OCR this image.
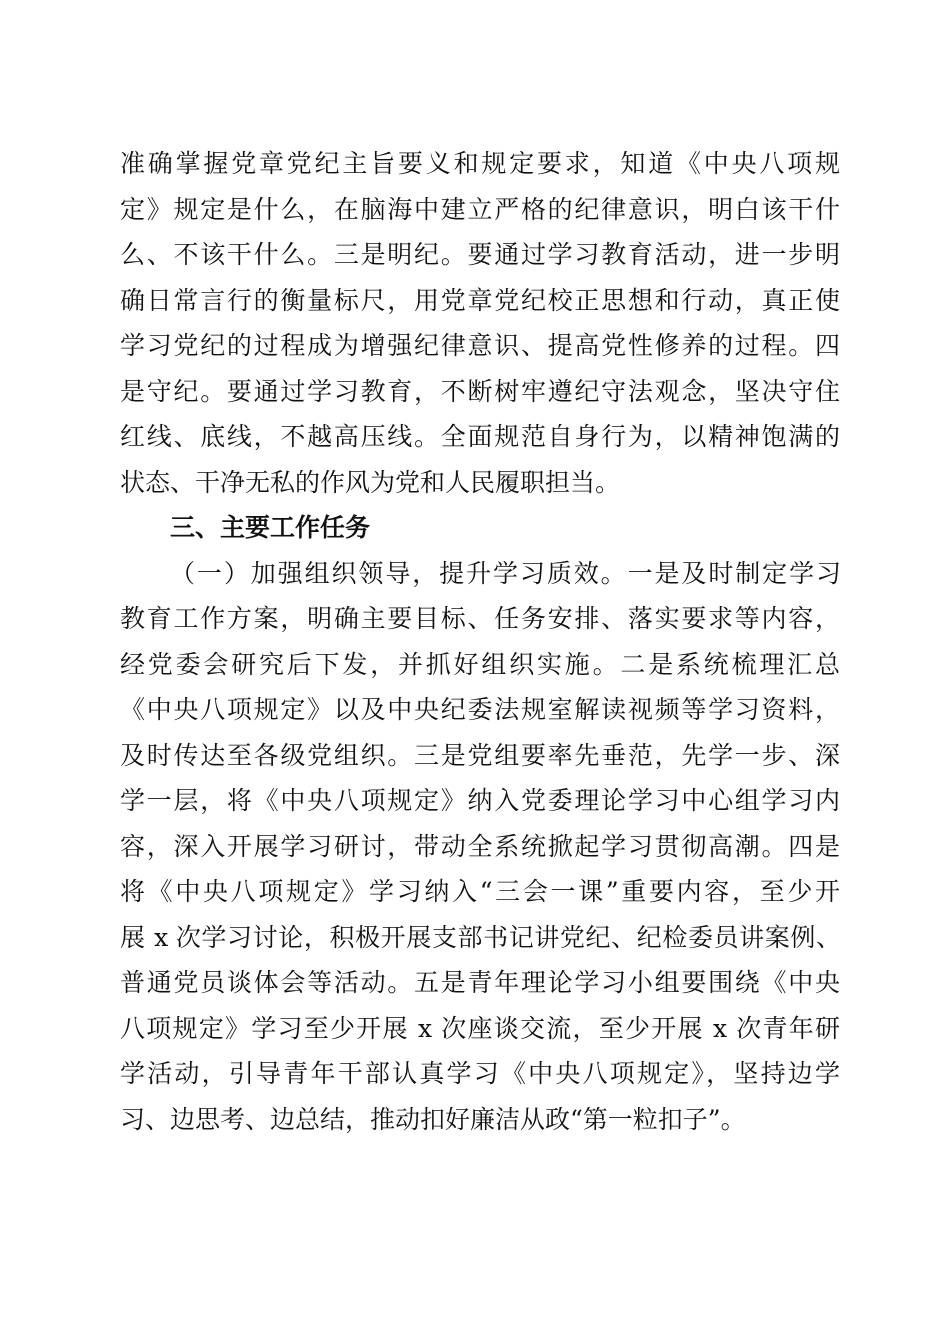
准确掌握党章党纪主旨要义和规定要求，知道《中央八项规
定》规定是什么，在脑海中建立严格的纪律意识，明白该干什
么、不该干什么。三是明纪。要通过学习教育活动，进一步明
确日常言行的衡量标尺，用党章党纪校正思想和行动，真正使
学习党纪的过程成为增强纪律意识、提高党性修养的过程。四
是守纪。要通过学习教育，不断树牢遵纪守法观念，坚决守住
红线、底线，不越高压线。全面规范自身行为，以精神饱满的
状态、干净无私的作风为党和人民履职担当。
三、主要工作任务
（一）加强组织领导，提升学习质效。一是及时制定学习
教育工作方案，明确主要目标、任务安排、落实要求等内容，
经党委会研究后下发，并抓好组织实施。二是系统梳理汇总
《中央八项规定》以及中央纪委法规室解读视频等学习资料，
及时传达至各级党组织。三是党组要率先垂范，先学一步、深
学一层，将《中央八项规定》纳入党委理论学习中心组学习内
容，深入开展学习研讨，带动全系统掀起学习贯彻高潮。四是
将《中央八项规定》学习纳入“三会一课”重要内容，至少开
展 x 次学习讨论，积极开展支部书记讲党纪、纪检委员讲案例、
普通党员谈体会等活动。五是青年理论学习小组要围绕《中央
八项规定》学习至少开展 x 次座谈交流，至少开展 x 次青年研
学活动，引导青年干部认真学习《中央八项规定》，坚持边学
习、边思考、边总结，推动扣好廉洁从政“第一粒扣子”。
